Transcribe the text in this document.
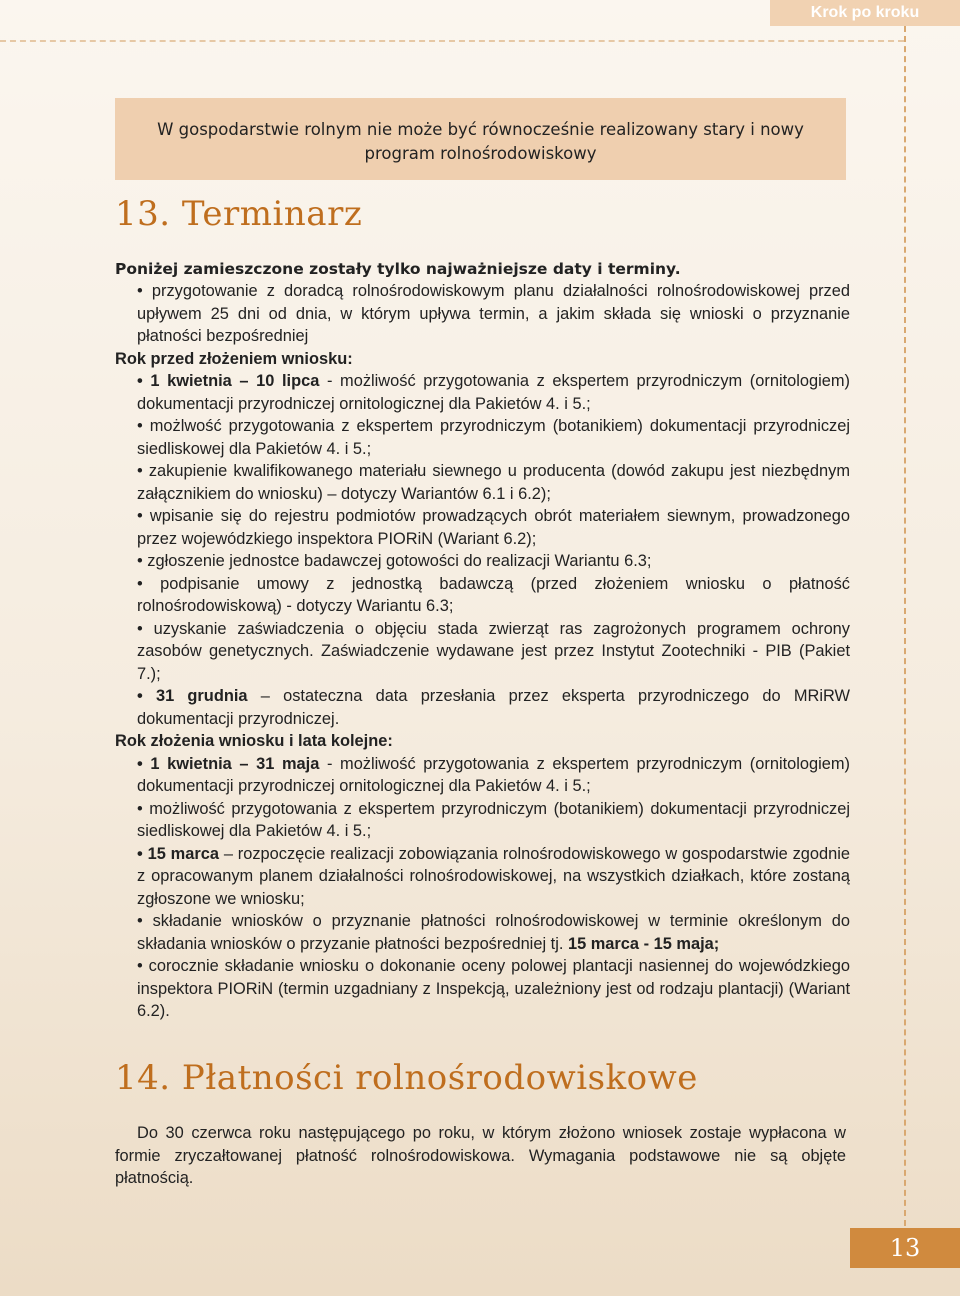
Krok po kroku
W gospodarstwie rolnym nie może być równocześnie realizowany stary i nowy program rolnośrodowiskowy
13. Terminarz
Poniżej zamieszczone zostały tylko najważniejsze daty i terminy.

• przygotowanie z doradcą rolnośrodowiskowym planu działalności rolnośrodowiskowej przed upływem 25 dni od dnia, w którym upływa termin, a jakim składa się wnioski o przyznanie płatności bezpośredniej

Rok przed złożeniem wniosku:

• 1 kwietnia – 10 lipca - możliwość przygotowania z ekspertem przyrodniczym (ornitologiem) dokumentacji przyrodniczej ornitologicznej dla Pakietów 4. i 5.;

• możlwość przygotowania z ekspertem przyrodniczym (botanikiem) dokumentacji przyrodniczej siedliskowej dla Pakietów 4. i 5.;

• zakupienie kwalifikowanego materiału siewnego u producenta (dowód zakupu jest niezbędnym załącznikiem do wniosku) – dotyczy Wariantów 6.1 i 6.2);

• wpisanie się do rejestru podmiotów prowadzących obrót materiałem siewnym, prowadzonego przez wojewódzkiego inspektora PIORiN (Wariant 6.2);

• zgłoszenie jednostce badawczej gotowości do realizacji Wariantu 6.3;

• podpisanie umowy z jednostką badawczą (przed złożeniem wniosku o płatność rolnośrodowiskową) - dotyczy Wariantu 6.3;

• uzyskanie zaświadczenia o objęciu stada zwierząt ras zagrożonych programem ochrony zasobów genetycznych. Zaświadczenie wydawane jest przez Instytut Zootechniki - PIB (Pakiet 7.);

• 31 grudnia – ostateczna data przesłania przez eksperta przyrodniczego do MRiRW dokumentacji przyrodniczej.

Rok złożenia wniosku i lata kolejne:

• 1 kwietnia – 31 maja - możliwość przygotowania z ekspertem przyrodniczym (ornitologiem) dokumentacji przyrodniczej ornitologicznej dla Pakietów 4. i 5.;

• możliwość przygotowania z ekspertem przyrodniczym (botanikiem) dokumentacji przyrodniczej siedliskowej dla Pakietów 4. i 5.;

• 15 marca – rozpoczęcie realizacji zobowiązania rolnośrodowiskowego w gospodarstwie zgodnie z opracowanym planem działalności rolnośrodowiskowej, na wszystkich działkach, które zostaną zgłoszone we wniosku;

• składanie wniosków o przyznanie płatności rolnośrodowiskowej w terminie określonym do składania wniosków o przyzanie płatności bezpośredniej tj. 15 marca - 15 maja;

• corocznie składanie wniosku o dokonanie oceny polowej plantacji nasiennej do wojewódzkiego inspektora PIORiN (termin uzgadniany z Inspekcją, uzależniony jest od rodzaju plantacji) (Wariant 6.2).

14. Płatności rolnośrodowiskowe

Do 30 czerwca roku następującego po roku, w którym złożono wniosek zostaje wypłacona w formie zryczałtowanej płatność rolnośrodowiskowa. Wymagania podstawowe nie są objęte płatnością.

13
